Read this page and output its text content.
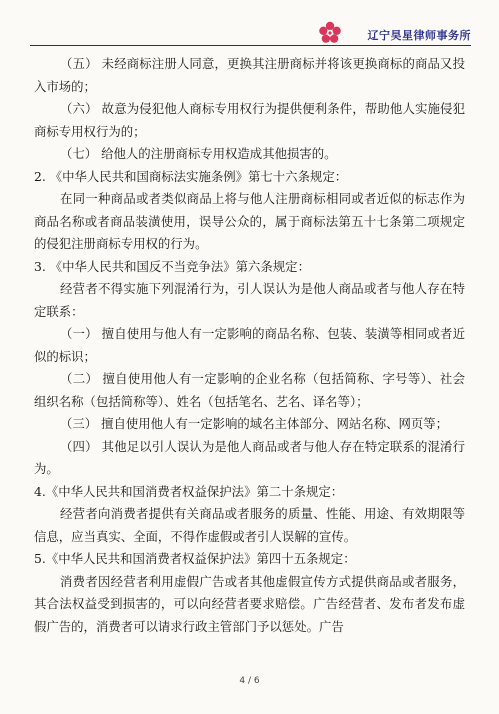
辽宁昊星律师事务所

（五） 未经商标注册人同意，更换其注册商标并将该更换商标的商品又投入市场的；

（六） 故意为侵犯他人商标专用权行为提供便利条件，帮助他人实施侵犯商标专用权行为的；

（七） 给他人的注册商标专用权造成其他损害的。

2. 《中华人民共和国商标法实施条例》第七十六条规定：

在同一种商品或者类似商品上将与他人注册商标相同或者近似的标志作为商品名称或者商品装潢使用，误导公众的，属于商标法第五十七条第二项规定的侵犯注册商标专用权的行为。

3. 《中华人民共和国反不当竞争法》第六条规定：

经营者不得实施下列混淆行为，引人误认为是他人商品或者与他人存在特定联系：

（一） 擅自使用与他人有一定影响的商品名称、包装、装潢等相同或者近似的标识；

（二） 擅自使用他人有一定影响的企业名称（包括简称、字号等）、社会组织名称（包括简称等）、姓名（包括笔名、艺名、译名等）；

（三） 擅自使用他人有一定影响的域名主体部分、网站名称、网页等；

（四） 其他足以引人误认为是他人商品或者与他人存在特定联系的混淆行为。

4.《中华人民共和国消费者权益保护法》第二十条规定：

经营者向消费者提供有关商品或者服务的质量、性能、用途、有效期限等信息，应当真实、全面，不得作虚假或者引人误解的宣传。

5.《中华人民共和国消费者权益保护法》第四十五条规定：

消费者因经营者利用虚假广告或者其他虚假宣传方式提供商品或者服务，其合法权益受到损害的，可以向经营者要求赔偿。广告经营者、发布者发布虚假广告的，消费者可以请求行政主管部门予以惩处。广告

4 / 6
